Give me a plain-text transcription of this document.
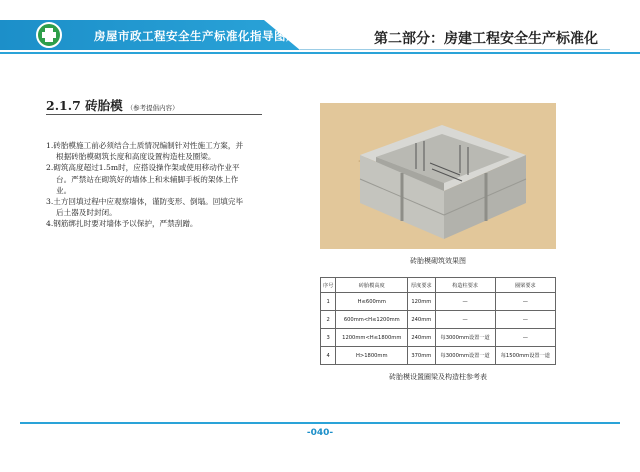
房屋市政工程安全生产标准化指导图册	第二部分：房建工程安全生产标准化
2.1.7 砖胎模 （参考提倡内容）

1.砖胎模施工前必须结合土质情况编制针对性施工方案，并根据砖胎模砌筑长度和高度设置构造柱及圈梁。

2.砌筑高度超过1.5m时，应搭设操作架或使用移动作业平台。严禁站在砌筑好的墙体上和未辅脚手板的架体上作业。

3.土方回填过程中应观察墙体，谨防变形、倒塌。回填完毕后土器及时封闭。

4.钢筋绑扎时要对墙体予以保护，严禁刮蹭。

砖胎模砌筑效果图
序号	砖胎模高度	厚度要求	构造柱要求	圈梁要求
1	H≤600mm	120mm	—	—
2	600mm<H≤1200mm	240mm	—	—
3	1200mm<H≤1800mm	240mm	每3000mm设置一道	—
4	H>1800mm	370mm	每3000mm设置一道	每1500mm设置一道
砖胎模设置圈梁及构造柱参考表
-040-
